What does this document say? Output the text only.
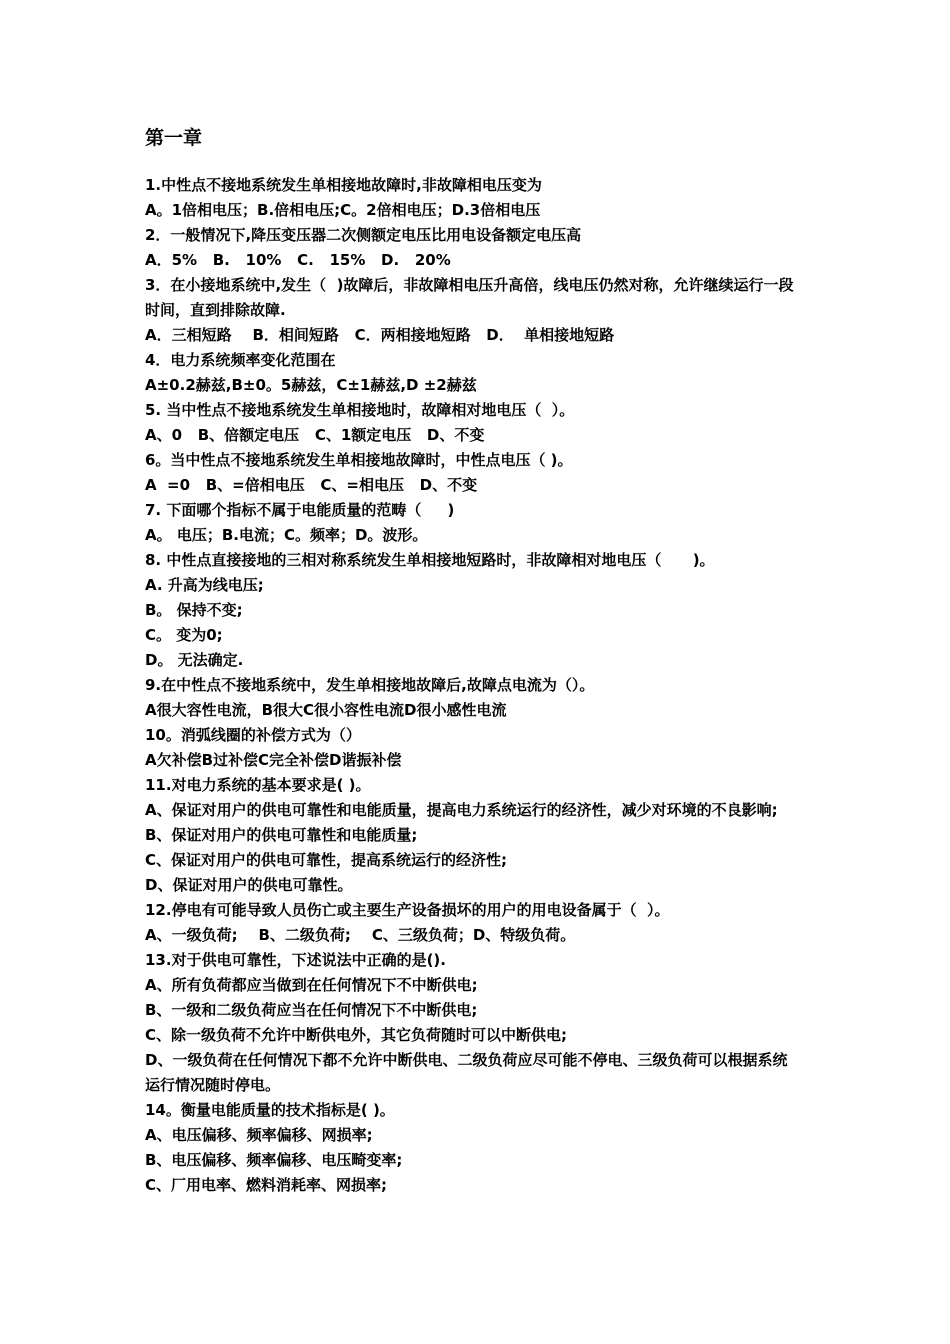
第一章
1.中性点不接地系统发生单相接地故障时,非故障相电压变为
A。1倍相电压；B.倍相电压;C。2倍相电压；D.3倍相电压
2．一般情况下,降压变压器二次侧额定电压比用电设备额定电压高
A．5%   B.   10%   C.   15%   D.   20%
3．在小接地系统中,发生（  )故障后，非故障相电压升高倍，线电压仍然对称，允许继续运行一段时间，直到排除故障.
A．三相短路    B．相间短路   C．两相接地短路   D．  单相接地短路
4．电力系统频率变化范围在
A±0.2赫兹,B±0。5赫兹，C±1赫兹,D ±2赫兹
5. 当中性点不接地系统发生单相接地时，故障相对地电压（  ）。
A、0   B、倍额定电压   C、1额定电压   D、不变
6。当中性点不接地系统发生单相接地故障时，中性点电压（ )。
A  =0   B、=倍相电压   C、=相电压   D、不变
7. 下面哪个指标不属于电能质量的范畴（     )
A。 电压；B.电流；C。频率；D。波形。
8. 中性点直接接地的三相对称系统发生单相接地短路时，非故障相对地电压（      )。
A. 升高为线电压;
B。 保持不变;
C。 变为0;
D。 无法确定.
9.在中性点不接地系统中，发生单相接地故障后,故障点电流为（）。
A很大容性电流，B很大C很小容性电流D很小感性电流
10。消弧线圈的补偿方式为（）
A欠补偿B过补偿C完全补偿D谐振补偿
11.对电力系统的基本要求是( )。
A、保证对用户的供电可靠性和电能质量，提高电力系统运行的经济性，减少对环境的不良影响;
B、保证对用户的供电可靠性和电能质量;
C、保证对用户的供电可靠性，提高系统运行的经济性;
D、保证对用户的供电可靠性。
12.停电有可能导致人员伤亡或主要生产设备损坏的用户的用电设备属于（  ）。
A、一级负荷;    B、二级负荷;    C、三级负荷；D、特级负荷。
13.对于供电可靠性，下述说法中正确的是().
A、所有负荷都应当做到在任何情况下不中断供电;
B、一级和二级负荷应当在任何情况下不中断供电;
C、除一级负荷不允许中断供电外，其它负荷随时可以中断供电;
D、一级负荷在任何情况下都不允许中断供电、二级负荷应尽可能不停电、三级负荷可以根据系统运行情况随时停电。
14。衡量电能质量的技术指标是( )。
A、电压偏移、频率偏移、网损率;
B、电压偏移、频率偏移、电压畸变率;
C、厂用电率、燃料消耗率、网损率;
